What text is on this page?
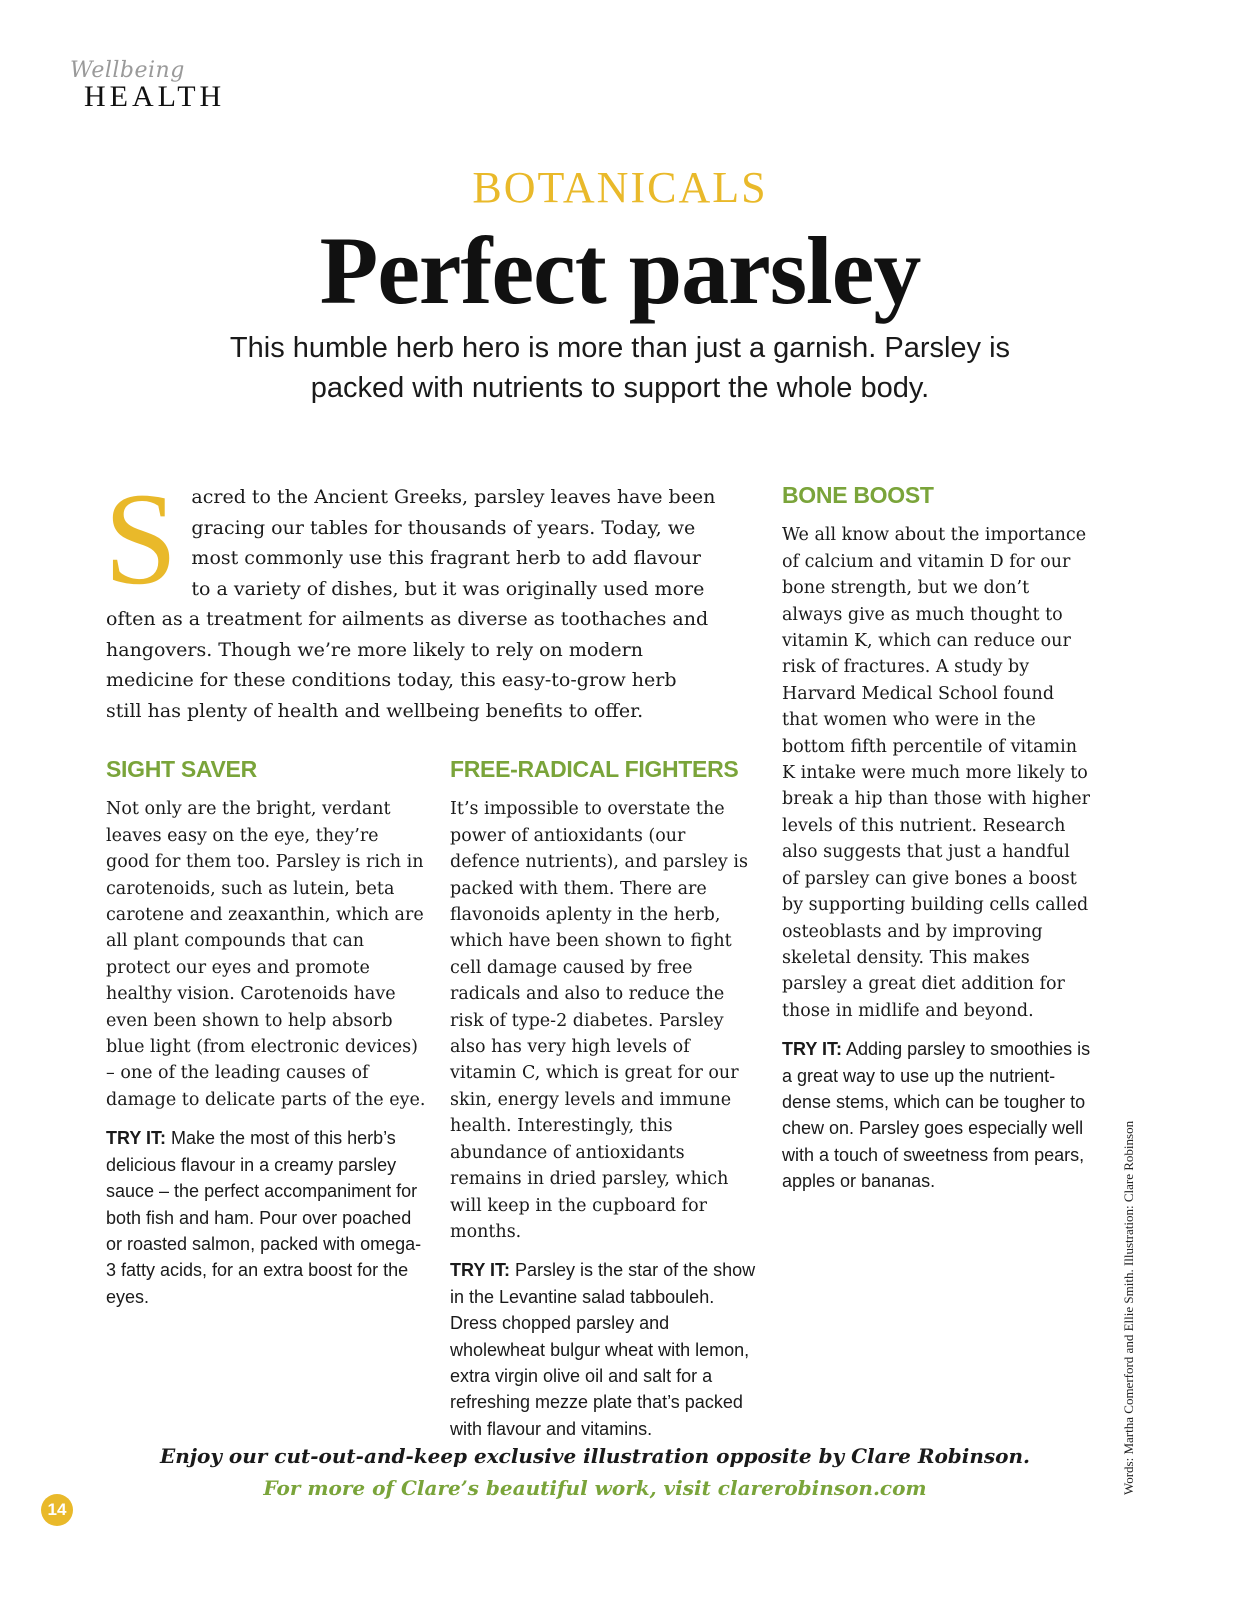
Wellbeing
HEALTH
BOTANICALS
Perfect parsley
This humble herb hero is more than just a garnish. Parsley is packed with nutrients to support the whole body.
S acred to the Ancient Greeks, parsley leaves have been gracing our tables for thousands of years. Today, we most commonly use this fragrant herb to add flavour to a variety of dishes, but it was originally used more often as a treatment for ailments as diverse as toothaches and hangovers. Though we’re more likely to rely on modern medicine for these conditions today, this easy-to-grow herb still has plenty of health and wellbeing benefits to offer.
SIGHT SAVER

Not only are the bright, verdant leaves easy on the eye, they’re good for them too. Parsley is rich in carotenoids, such as lutein, beta carotene and zeaxanthin, which are all plant compounds that can protect our eyes and promote healthy vision. Carotenoids have even been shown to help absorb blue light (from electronic devices) – one of the leading causes of damage to delicate parts of the eye.

TRY IT: Make the most of this herb’s delicious flavour in a creamy parsley sauce – the perfect accompaniment for both fish and ham. Pour over poached or roasted salmon, packed with omega-3 fatty acids, for an extra boost for the eyes.

FREE-RADICAL FIGHTERS

It’s impossible to overstate the power of antioxidants (our defence nutrients), and parsley is packed with them. There are flavonoids aplenty in the herb, which have been shown to fight cell damage caused by free radicals and also to reduce the risk of type-2 diabetes. Parsley also has very high levels of vitamin C, which is great for our skin, energy levels and immune health. Interestingly, this abundance of antioxidants remains in dried parsley, which will keep in the cupboard for months.

TRY IT: Parsley is the star of the show in the Levantine salad tabbouleh. Dress chopped parsley and wholewheat bulgur wheat with lemon, extra virgin olive oil and salt for a refreshing mezze plate that’s packed with flavour and vitamins.

BONE BOOST

We all know about the importance of calcium and vitamin D for our bone strength, but we don’t always give as much thought to vitamin K, which can reduce our risk of fractures. A study by Harvard Medical School found that women who were in the bottom fifth percentile of vitamin K intake were much more likely to break a hip than those with higher levels of this nutrient. Research also suggests that just a handful of parsley can give bones a boost by supporting building cells called osteoblasts and by improving skeletal density. This makes parsley a great diet addition for those in midlife and beyond.

TRY IT: Adding parsley to smoothies is a great way to use up the nutrient-dense stems, which can be tougher to chew on. Parsley goes especially well with a touch of sweetness from pears, apples or bananas.

Enjoy our cut-out-and-keep exclusive illustration opposite by Clare Robinson.
For more of Clare’s beautiful work, visit clarerobinson.com
14
Words: Martha Comerford and Ellie Smith. Illustration: Clare Robinson
